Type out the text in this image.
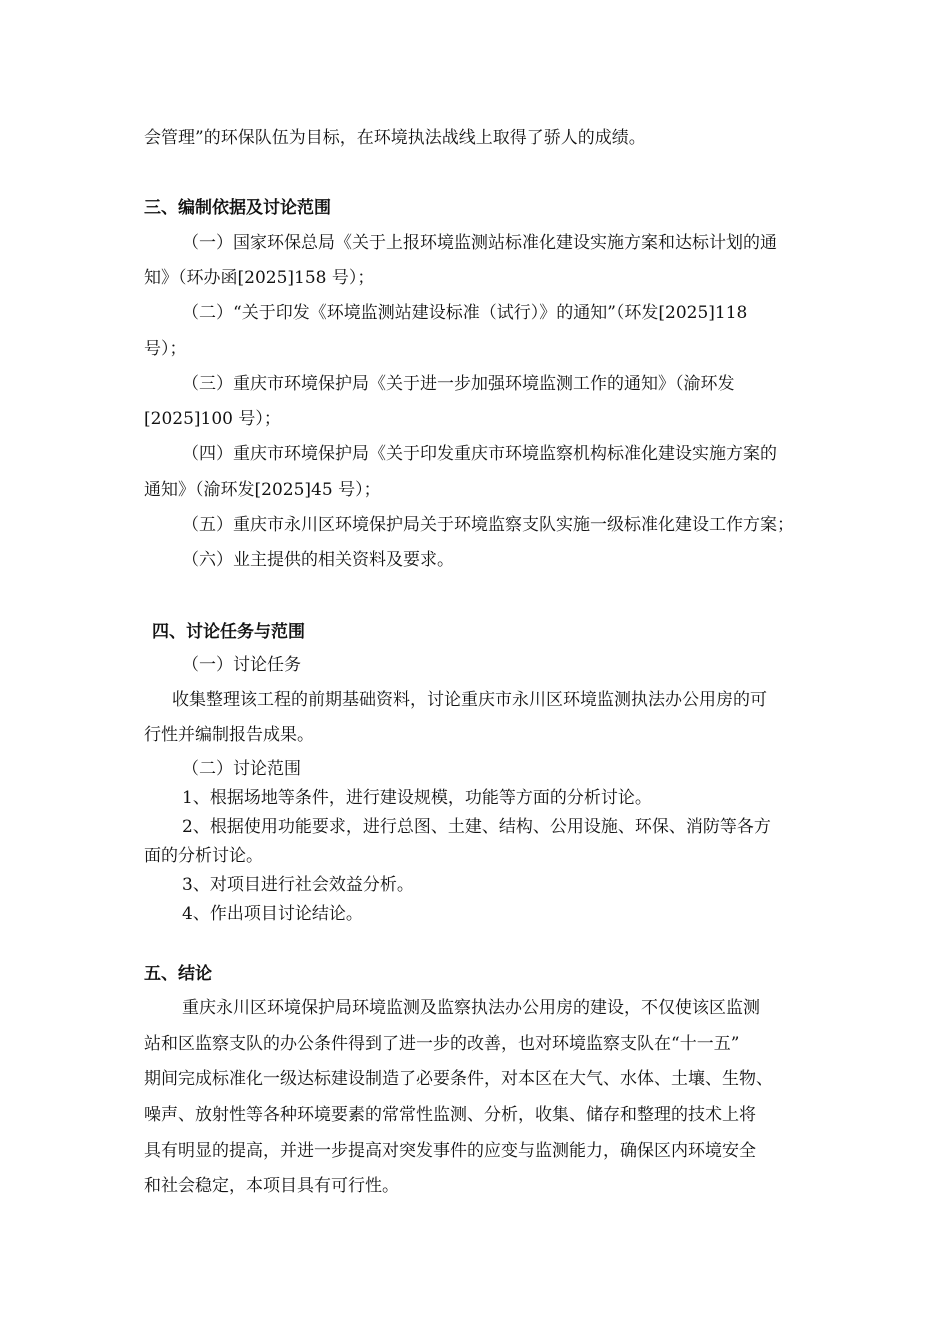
会管理”的环保队伍为目标，在环境执法战线上取得了骄人的成绩。
三、编制依据及讨论范围
（一）国家环保总局《关于上报环境监测站标准化建设实施方案和达标计划的通
知》（环办函[2025]158 号）；
（二）“关于印发《环境监测站建设标准（试行）》的通知”（环发[2025]118
号）；
（三）重庆市环境保护局《关于进一步加强环境监测工作的通知》（渝环发
[2025]100 号）；
（四）重庆市环境保护局《关于印发重庆市环境监察机构标准化建设实施方案的
通知》（渝环发[2025]45 号）；
（五）重庆市永川区环境保护局关于环境监察支队实施一级标准化建设工作方案；
（六）业主提供的相关资料及要求。
四、讨论任务与范围
（一）讨论任务
收集整理该工程的前期基础资料，讨论重庆市永川区环境监测执法办公用房的可
行性并编制报告成果。
（二）讨论范围
1、根据场地等条件，进行建设规模，功能等方面的分析讨论。
2、根据使用功能要求，进行总图、土建、结构、公用设施、环保、消防等各方
面的分析讨论。
3、对项目进行社会效益分析。
4、作出项目讨论结论。
五、结论
重庆永川区环境保护局环境监测及监察执法办公用房的建设，不仅使该区监测
站和区监察支队的办公条件得到了进一步的改善，也对环境监察支队在“十一五”
期间完成标准化一级达标建设制造了必要条件，对本区在大气、水体、土壤、生物、
噪声、放射性等各种环境要素的常常性监测、分析，收集、储存和整理的技术上将
具有明显的提高，并进一步提高对突发事件的应变与监测能力，确保区内环境安全
和社会稳定，本项目具有可行性。
